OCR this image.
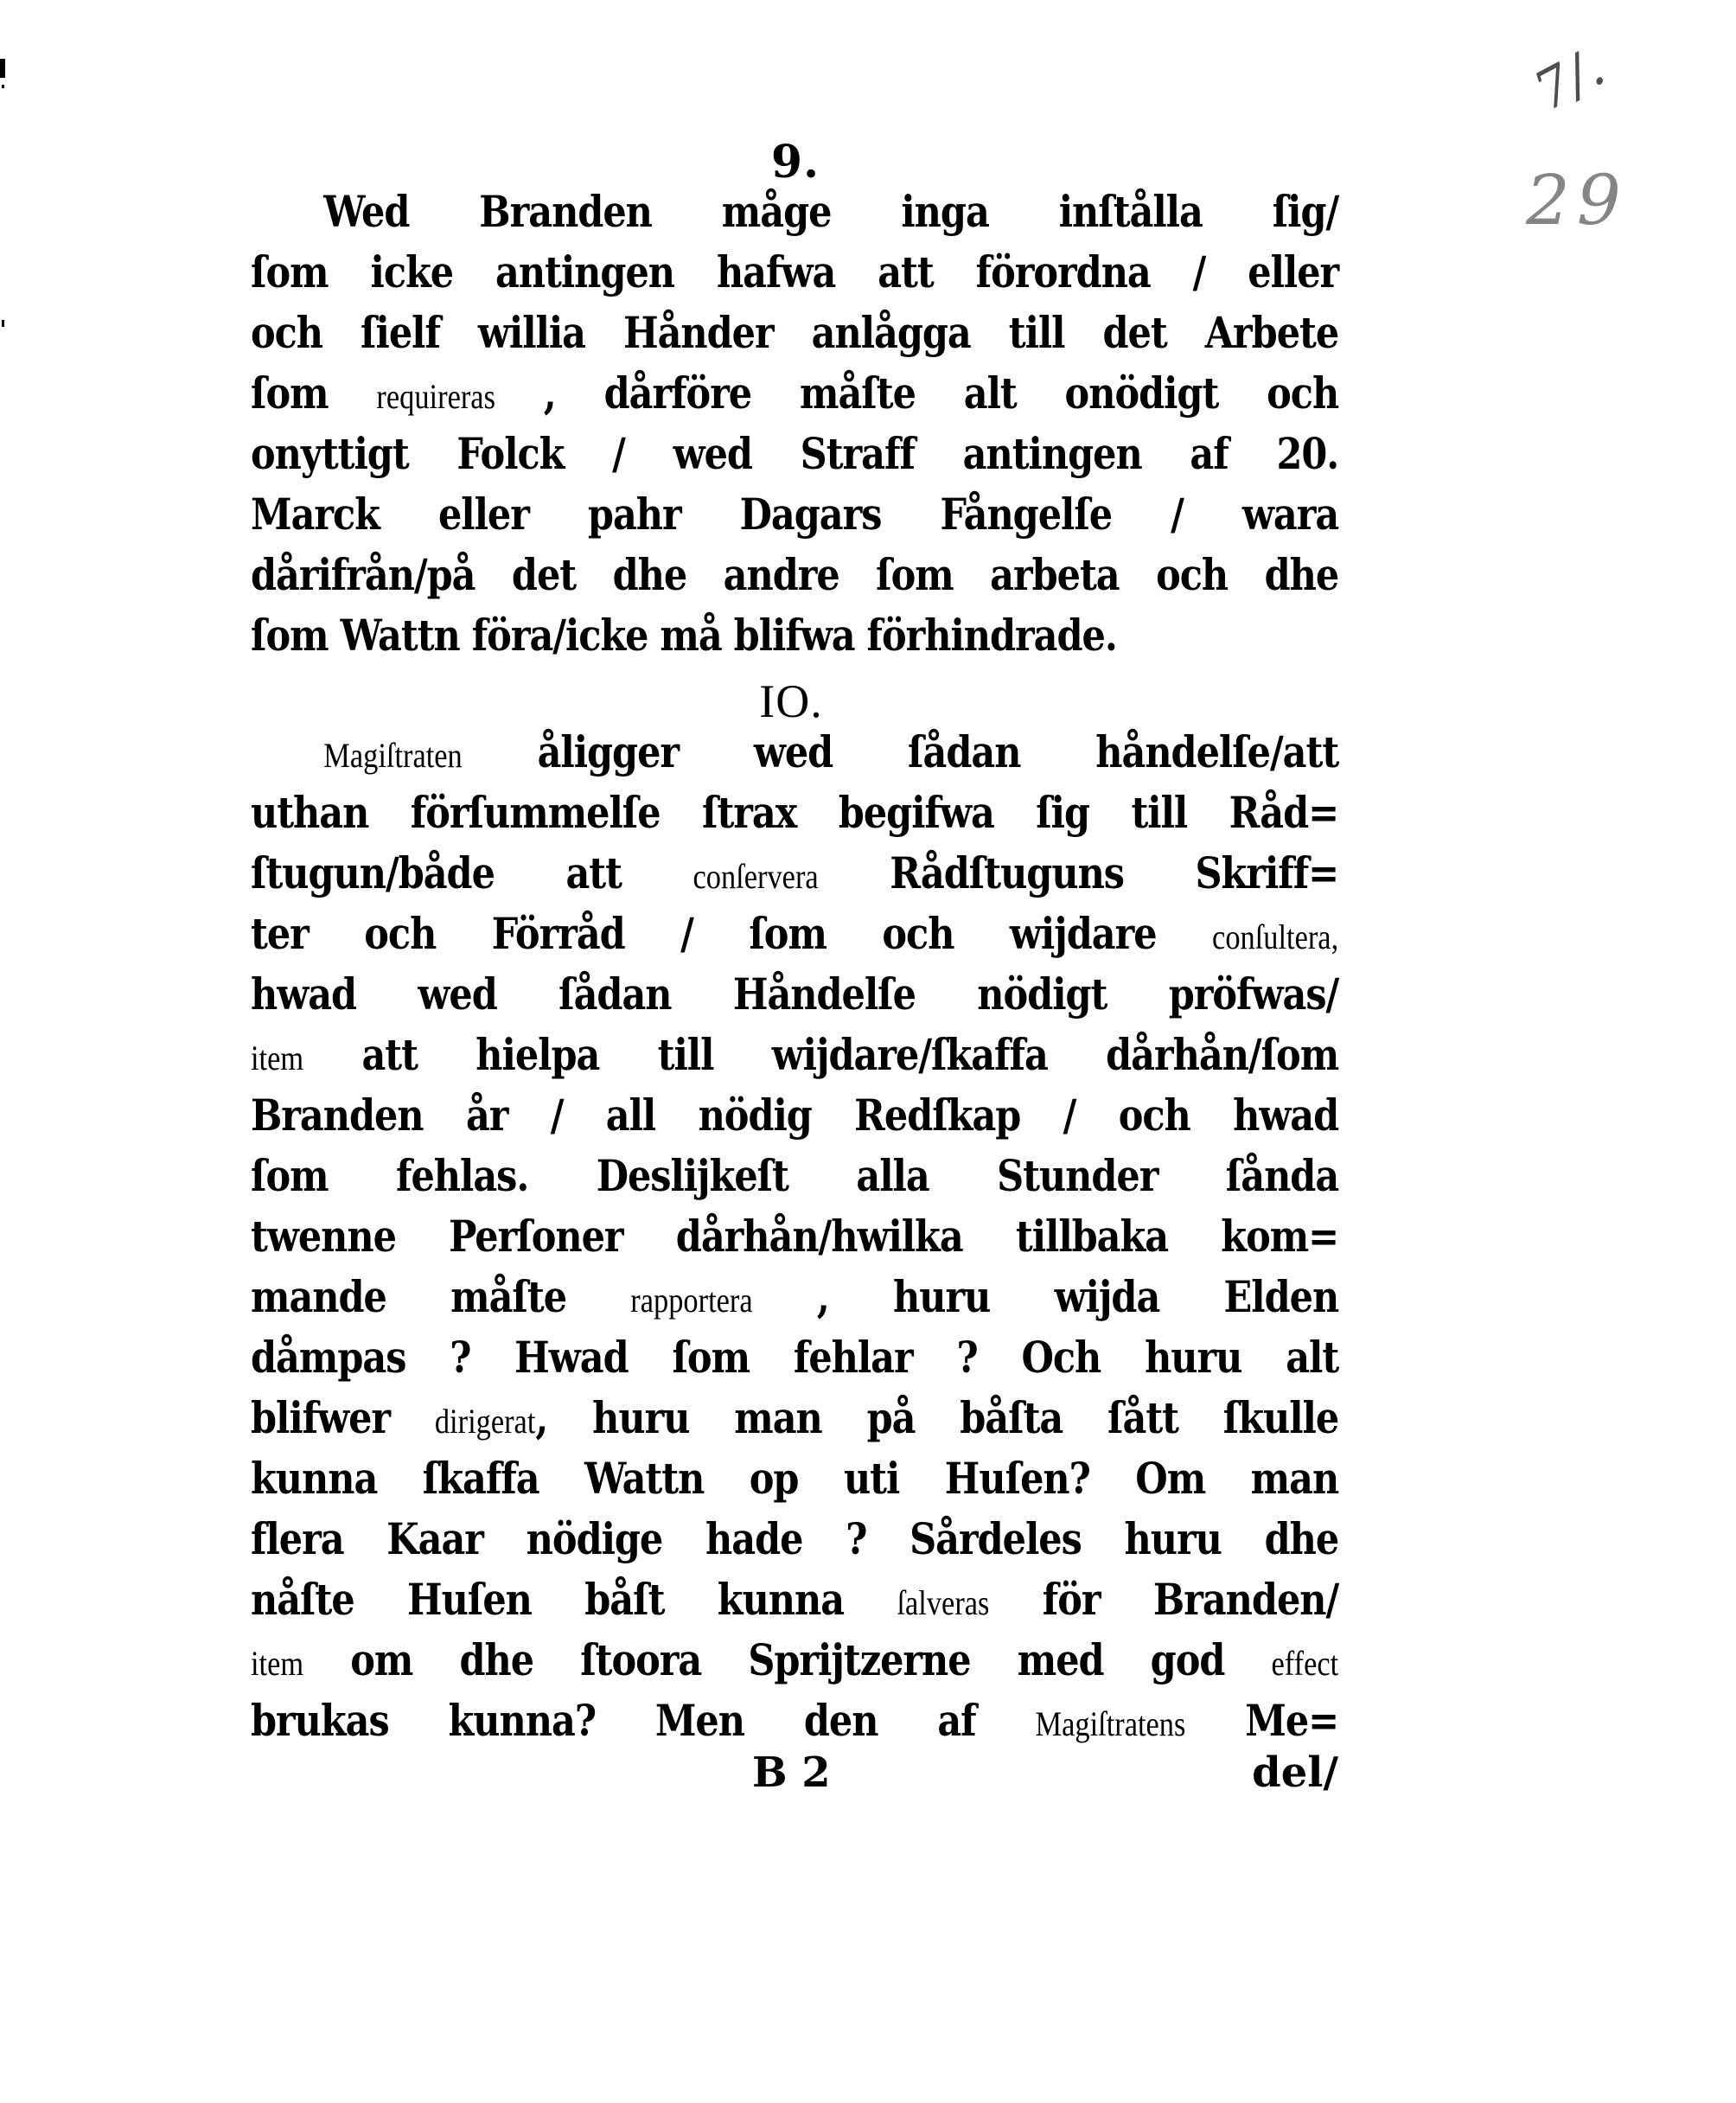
7/.
29
9.
Wed Branden måge inga inſtålla ſig/
ſom icke antingen hafwa att förordna / eller
och ſielf willia Hånder anlågga till det Arbete
ſom requireras , dårföre måſte alt onödigt och
onyttigt Folck / wed Straff antingen af 20.
Marck eller pahr Dagars Fångelſe / wara
dårifrån/på det dhe andre ſom arbeta och dhe
ſom Wattn föra/icke må blifwa förhindrade.
IO.
Magiſtraten åligger wed ſådan håndelſe/att
uthan förſummelſe ſtrax begifwa ſig till Råd=
ſtugun/både att conſervera Rådſtuguns Skriff=
ter och Förråd / ſom och wijdare conſultera,
hwad wed ſådan Håndelſe nödigt pröfwas/
item att hielpa till wijdare/ſkaffa dårhån/ſom
Branden år / all nödig Redſkap / och hwad
ſom fehlas. Deslijkeſt alla Stunder ſånda
twenne Perſoner dårhån/hwilka tillbaka kom=
mande måſte rapportera , huru wijda Elden
dåmpas ? Hwad ſom fehlar ? Och huru alt
blifwer dirigerat, huru man på båſta ſått ſkulle
kunna ſkaffa Wattn op uti Huſen? Om man
flera Kaar nödige hade ? Sårdeles huru dhe
nåſte Huſen båſt kunna ſalveras för Branden/
item om dhe ſtoora Sprijtzerne med god effect
brukas kunna? Men den af Magiſtratens Me=
B 2	del/
